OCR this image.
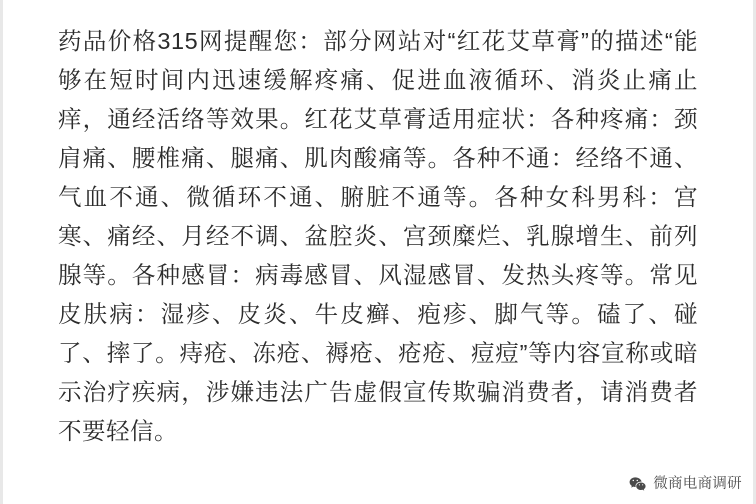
药品价格315网提醒您：部分网站对“红花艾草膏”的描述“能够在短时间内迅速缓解疼痛、促进血液循环、消炎止痛止痒，通经活络等效果。红花艾草膏适用症状：各种疼痛：颈肩痛、腰椎痛、腿痛、肌肉酸痛等。各种不通：经络不通、气血不通、微循环不通、腑脏不通等。各种女科男科：宫寒、痛经、月经不调、盆腔炎、宫颈糜烂、乳腺增生、前列腺等。各种感冒：病毒感冒、风湿感冒、发热头疼等。常见皮肤病：湿疹、皮炎、牛皮癣、疱疹、脚气等。磕了、碰了、摔了。痔疮、冻疮、褥疮、疮疮、痘痘”等内容宣称或暗示治疗疾病，涉嫌违法广告虚假宣传欺骗消费者，请消费者不要轻信。
微商电商调研
